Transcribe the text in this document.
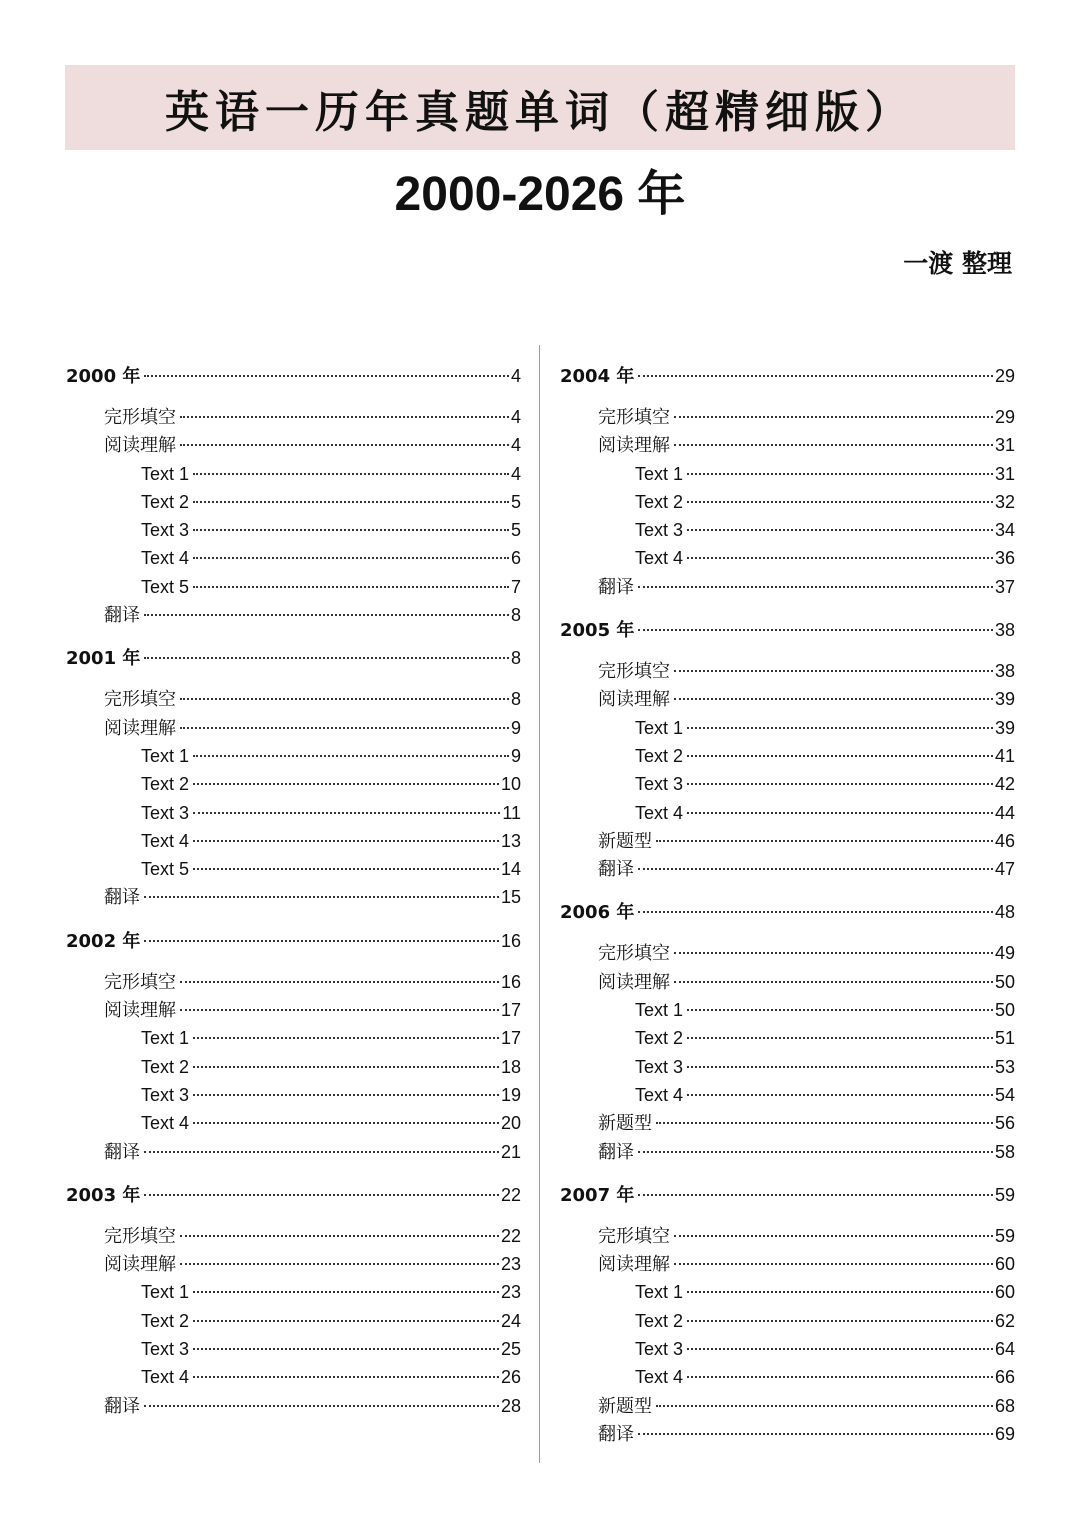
英语一历年真题单词（超精细版）
2000-2026 年
一渡 整理
2000 年	4
完形填空	4
阅读理解	4
Text 1	4
Text 2	5
Text 3	5
Text 4	6
Text 5	7
翻译	8
2001 年	8
完形填空	8
阅读理解	9
Text 1	9
Text 2	10
Text 3	11
Text 4	13
Text 5	14
翻译	15
2002 年	16
完形填空	16
阅读理解	17
Text 1	17
Text 2	18
Text 3	19
Text 4	20
翻译	21
2003 年	22
完形填空	22
阅读理解	23
Text 1	23
Text 2	24
Text 3	25
Text 4	26
翻译	28
2004 年	29
完形填空	29
阅读理解	31
Text 1	31
Text 2	32
Text 3	34
Text 4	36
翻译	37
2005 年	38
完形填空	38
阅读理解	39
Text 1	39
Text 2	41
Text 3	42
Text 4	44
新题型	46
翻译	47
2006 年	48
完形填空	49
阅读理解	50
Text 1	50
Text 2	51
Text 3	53
Text 4	54
新题型	56
翻译	58
2007 年	59
完形填空	59
阅读理解	60
Text 1	60
Text 2	62
Text 3	64
Text 4	66
新题型	68
翻译	69
